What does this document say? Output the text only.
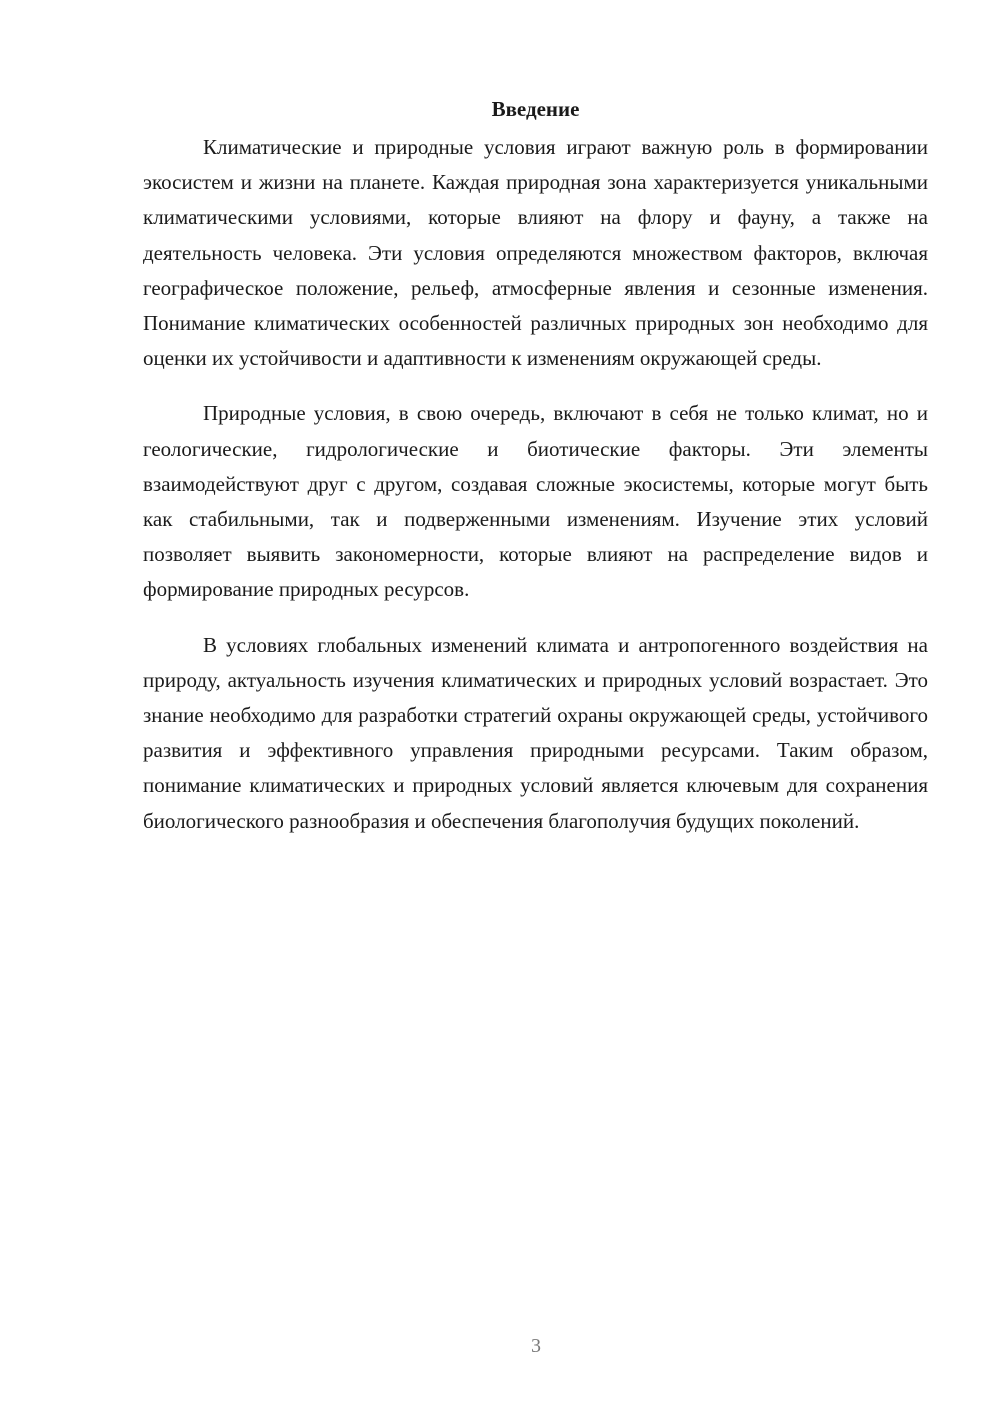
Введение

Климатические и природные условия играют важную роль в формировании экосистем и жизни на планете. Каждая природная зона характеризуется уникальными климатическими условиями, которые влияют на флору и фауну, а также на деятельность человека. Эти условия определяются множеством факторов, включая географическое положение, рельеф, атмосферные явления и сезонные изменения. Понимание климатических особенностей различных природных зон необходимо для оценки их устойчивости и адаптивности к изменениям окружающей среды.

Природные условия, в свою очередь, включают в себя не только климат, но и геологические, гидрологические и биотические факторы. Эти элементы взаимодействуют друг с другом, создавая сложные экосистемы, которые могут быть как стабильными, так и подверженными изменениям. Изучение этих условий позволяет выявить закономерности, которые влияют на распределение видов и формирование природных ресурсов.

В условиях глобальных изменений климата и антропогенного воздействия на природу, актуальность изучения климатических и природных условий возрастает. Это знание необходимо для разработки стратегий охраны окружающей среды, устойчивого развития и эффективного управления природными ресурсами. Таким образом, понимание климатических и природных условий является ключевым для сохранения биологического разнообразия и обеспечения благополучия будущих поколений.

3
